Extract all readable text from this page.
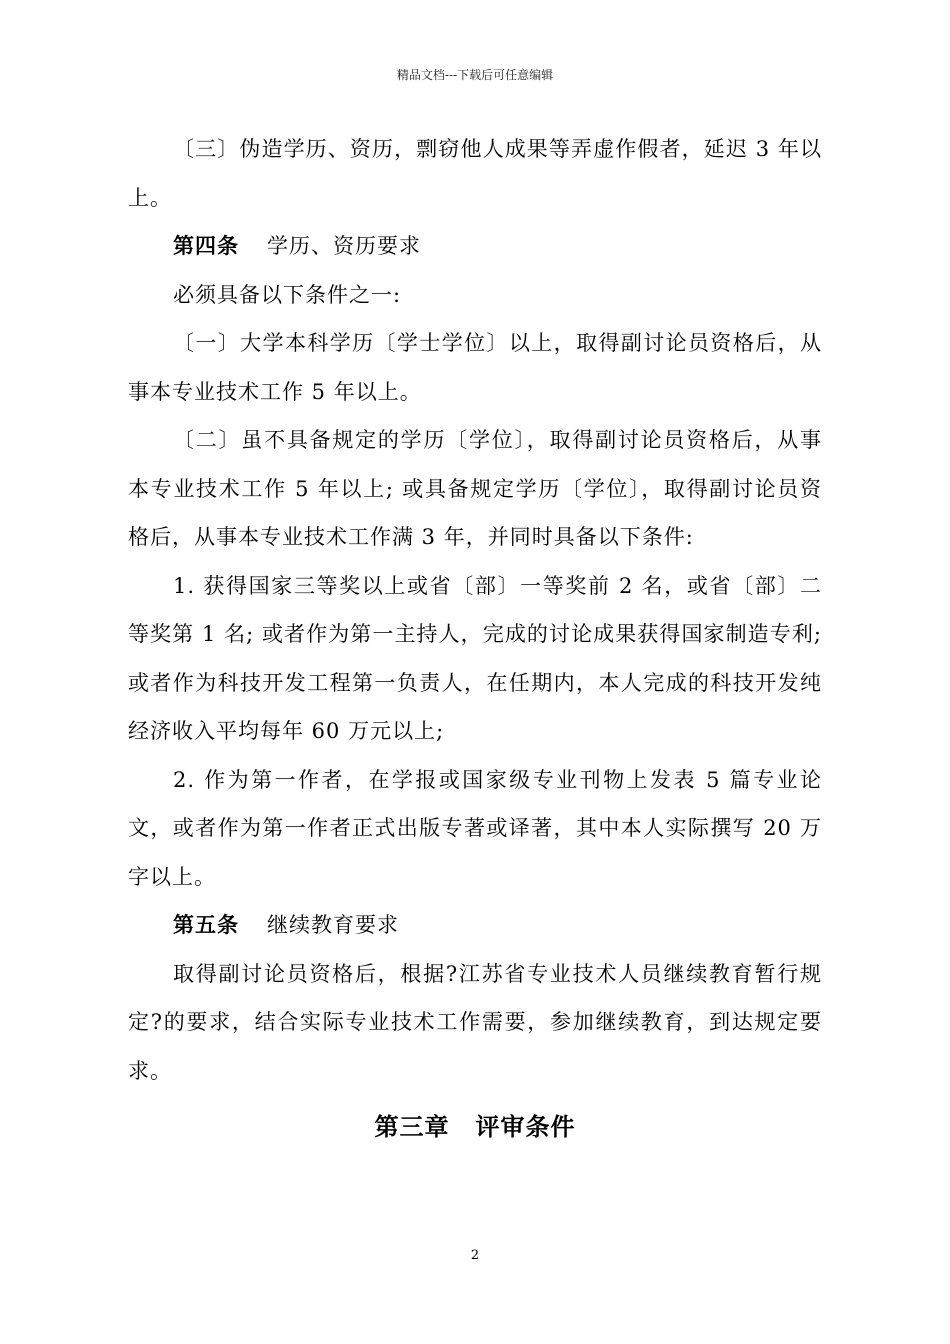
精品文档---下载后可任意编辑

〔三〕伪造学历、资历，剽窃他人成果等弄虚作假者，延迟 3 年以上。

第四条 学历、资历要求

必须具备以下条件之一:

〔一〕大学本科学历〔学士学位〕以上，取得副讨论员资格后，从事本专业技术工作 5 年以上。

〔二〕虽不具备规定的学历〔学位〕，取得副讨论员资格后，从事本专业技术工作 5 年以上; 或具备规定学历〔学位〕，取得副讨论员资格后，从事本专业技术工作满 3 年，并同时具备以下条件:

1. 获得国家三等奖以上或省〔部〕一等奖前 2 名，或省〔部〕二等奖第 1 名; 或者作为第一主持人，完成的讨论成果获得国家制造专利; 或者作为科技开发工程第一负责人，在任期内，本人完成的科技开发纯经济收入平均每年 60 万元以上;

2. 作为第一作者，在学报或国家级专业刊物上发表 5 篇专业论文，或者作为第一作者正式出版专著或译著，其中本人实际撰写 20 万字以上。

第五条 继续教育要求

取得副讨论员资格后，根据?江苏省专业技术人员继续教育暂行规定?的要求，结合实际专业技术工作需要，参加继续教育，到达规定要求。

第三章 评审条件

2
